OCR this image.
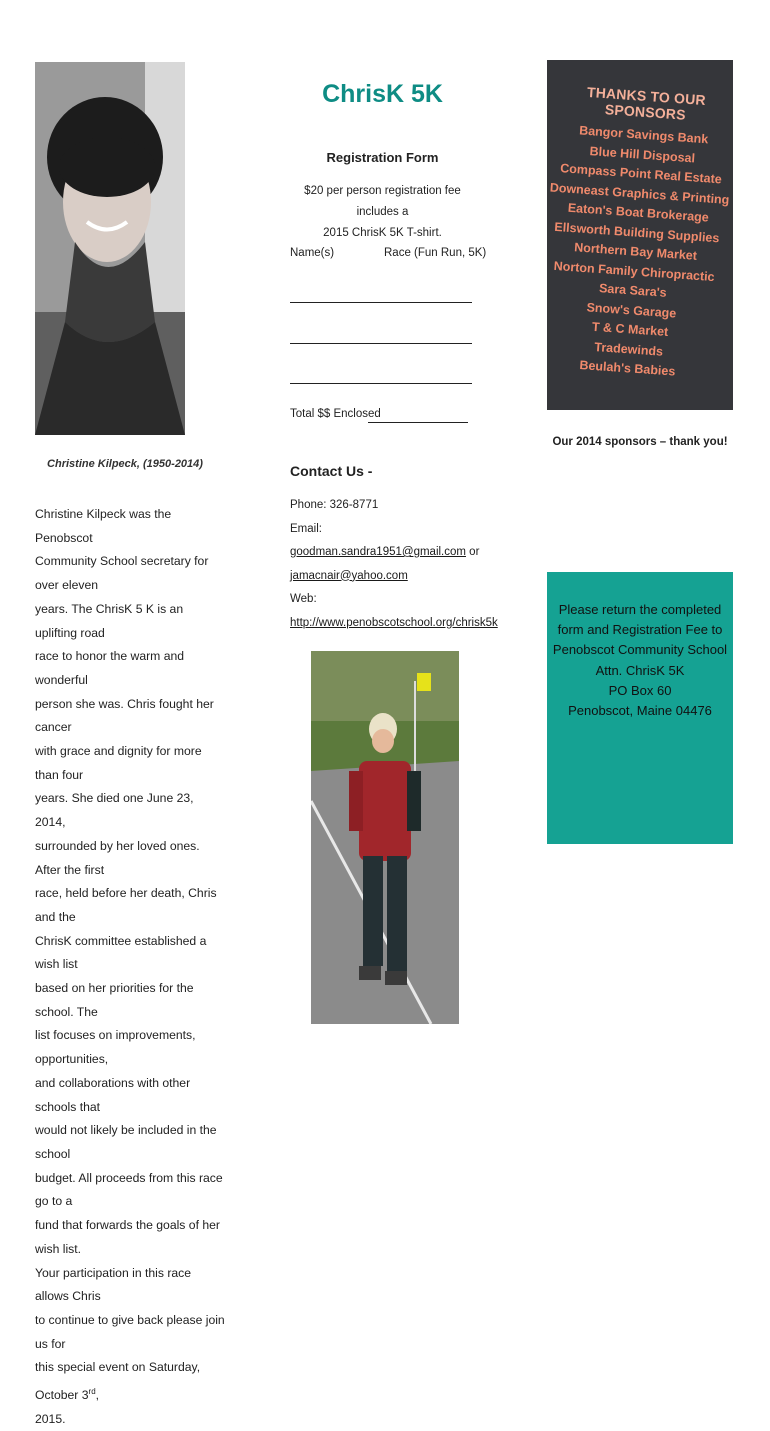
Christine Kilpeck, (1950-2014)
Christine Kilpeck was the Penobscot
Community School secretary for over eleven
years. The ChrisK 5 K is an uplifting road
race to honor the warm and wonderful
person she was. Chris fought her cancer
with grace and dignity for more than four
years. She died one June 23, 2014,
surrounded by her loved ones. After the first
race, held before her death, Chris and the
ChrisK committee established a wish list
based on her priorities for the school. The
list focuses on improvements, opportunities,
and collaborations with other schools that
would not likely be included in the school
budget. All proceeds from this race go to a
fund that forwards the goals of her wish list.
Your participation in this race allows Chris
to continue to give back please join us for
this special event on Saturday, October 3rd,
2015.
ChrisK 5K
Registration Form
$20 per person registration fee includes a
2015 ChrisK 5K T-shirt.
Name(s)	Race (Fun Run, 5K)
Total $$ Enclosed
Contact Us -
Phone: 326-8771
Email: goodman.sandra1951@gmail.com or
jamacnair@yahoo.com
Web:
http://www.penobscotschool.org/chrisk5k
THANKS TO OUR SPONSORS
Bangor Savings Bank
Blue Hill Disposal
Compass Point Real Estate
Downeast Graphics & Printing
Eaton's Boat Brokerage
Ellsworth Building Supplies
Northern Bay Market
Norton Family Chiropractic
Sara Sara's
Snow's Garage
T & C Market
Tradewinds
Beulah's Babies
Our 2014 sponsors – thank you!
Please return the completed
form and Registration Fee to
Penobscot Community School
Attn. ChrisK 5K
PO Box 60
Penobscot, Maine 04476
